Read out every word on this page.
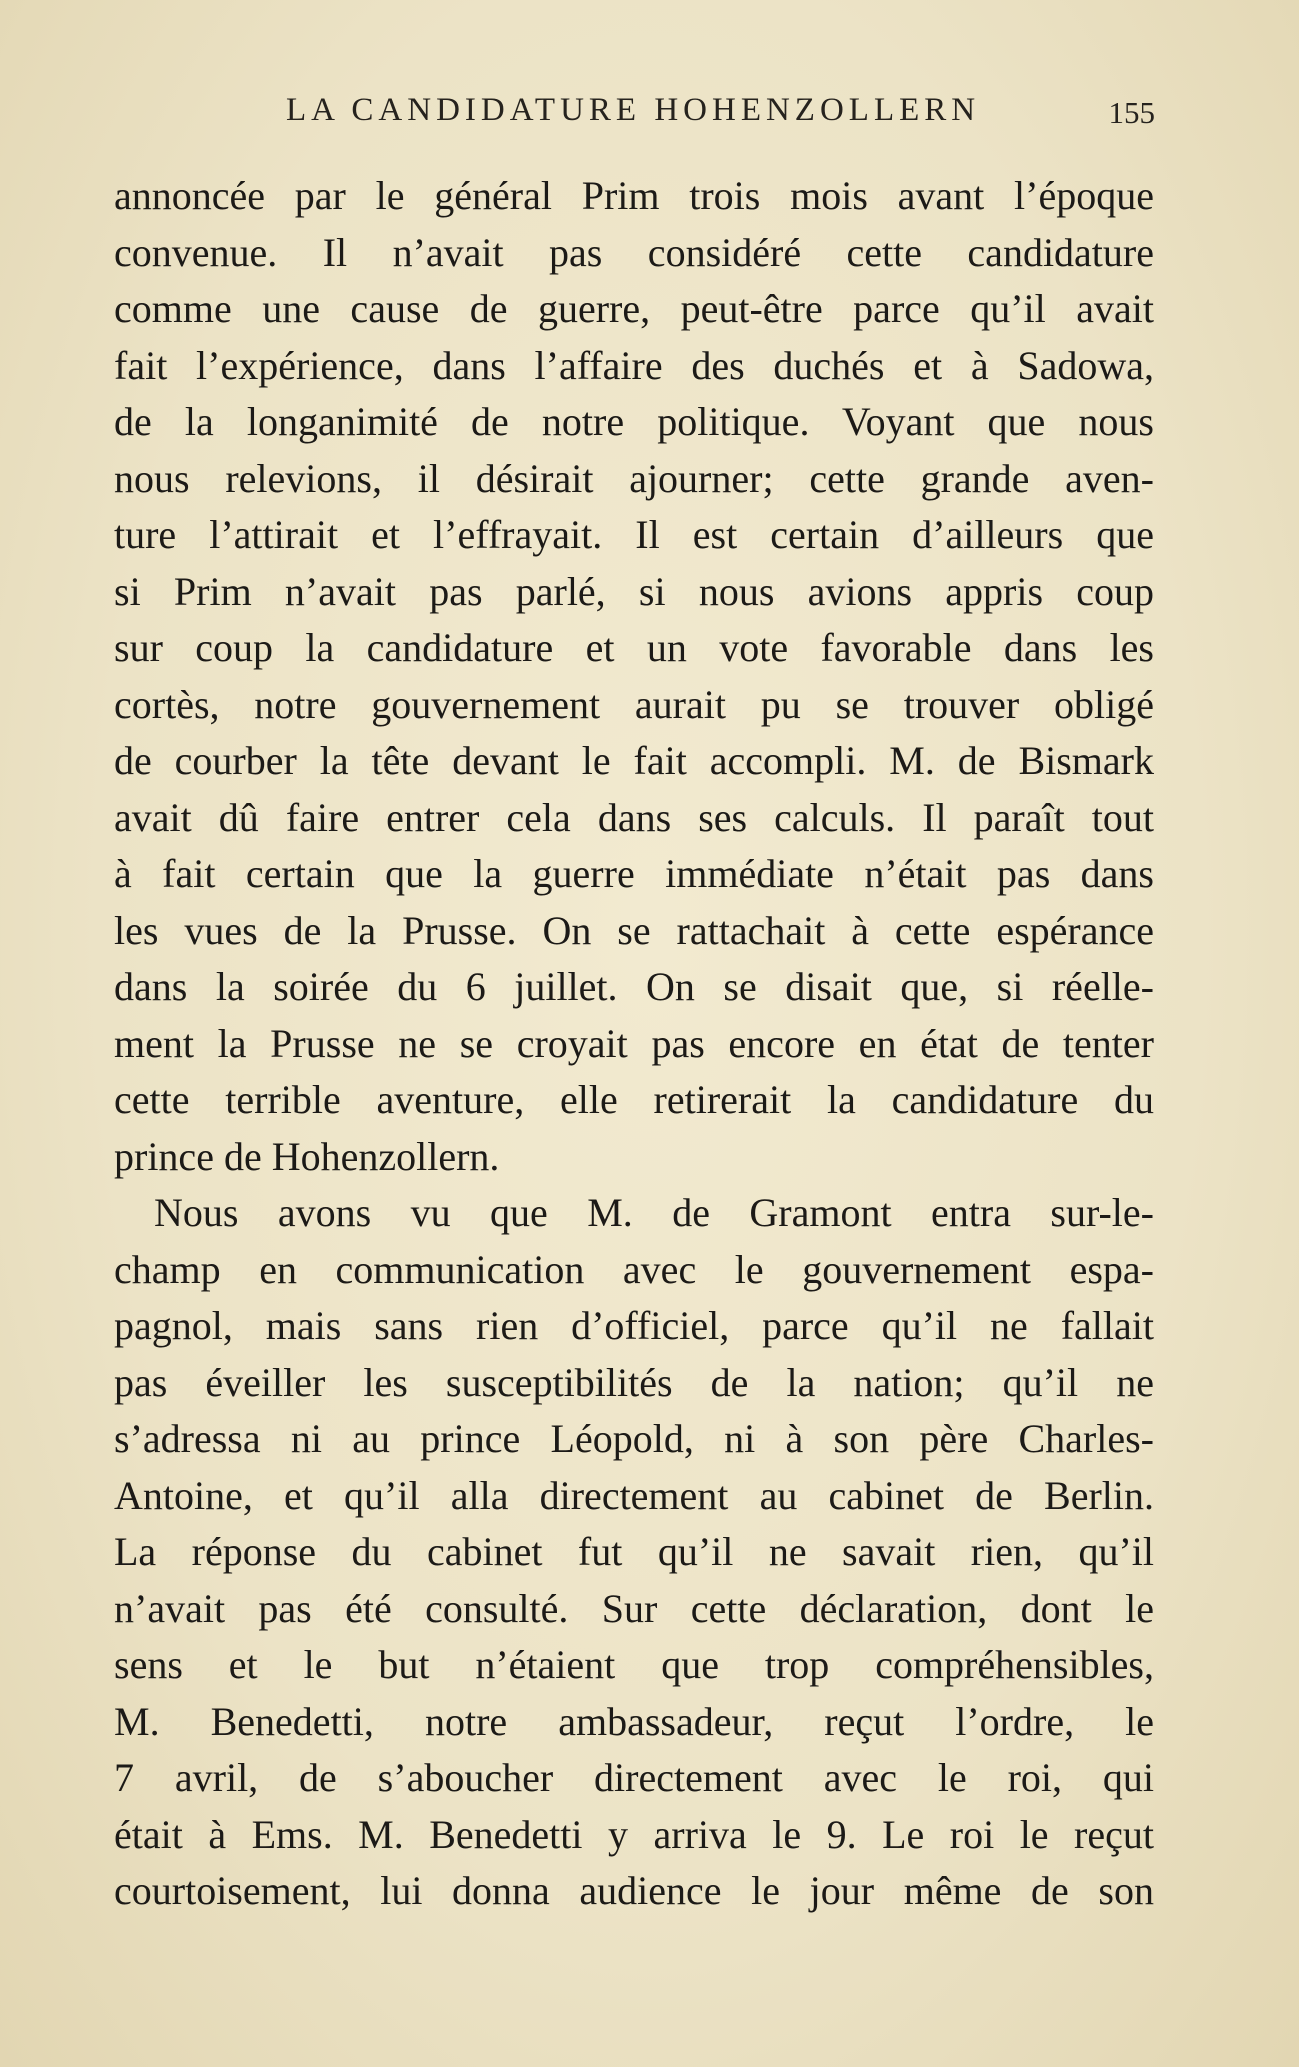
LA CANDIDATURE HOHENZOLLERN	155
annoncée par le général Prim trois mois avant l’époque
convenue. Il n’avait pas considéré cette candidature
comme une cause de guerre, peut-être parce qu’il avait
fait l’expérience, dans l’affaire des duchés et à Sadowa,
de la longanimité de notre politique. Voyant que nous
nous relevions, il désirait ajourner; cette grande aven-
ture l’attirait et l’effrayait. Il est certain d’ailleurs que
si Prim n’avait pas parlé, si nous avions appris coup
sur coup la candidature et un vote favorable dans les
cortès, notre gouvernement aurait pu se trouver obligé
de courber la tête devant le fait accompli. M. de Bismark
avait dû faire entrer cela dans ses calculs. Il paraît tout
à fait certain que la guerre immédiate n’était pas dans
les vues de la Prusse. On se rattachait à cette espérance
dans la soirée du 6 juillet. On se disait que, si réelle-
ment la Prusse ne se croyait pas encore en état de tenter
cette terrible aventure, elle retirerait la candidature du
prince de Hohenzollern.
Nous avons vu que M. de Gramont entra sur-le-
champ en communication avec le gouvernement espa-
pagnol, mais sans rien d’officiel, parce qu’il ne fallait
pas éveiller les susceptibilités de la nation; qu’il ne
s’adressa ni au prince Léopold, ni à son père Charles-
Antoine, et qu’il alla directement au cabinet de Berlin.
La réponse du cabinet fut qu’il ne savait rien, qu’il
n’avait pas été consulté. Sur cette déclaration, dont le
sens et le but n’étaient que trop compréhensibles,
M. Benedetti, notre ambassadeur, reçut l’ordre, le
7 avril, de s’aboucher directement avec le roi, qui
était à Ems. M. Benedetti y arriva le 9. Le roi le reçut
courtoisement, lui donna audience le jour même de son
